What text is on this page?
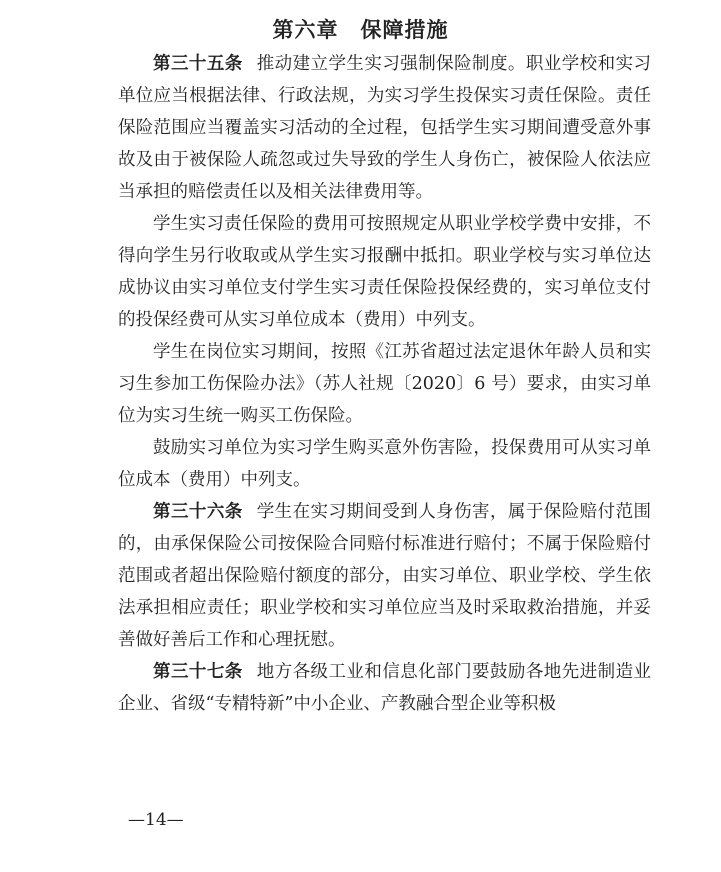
第六章　保障措施

第三十五条 推动建立学生实习强制保险制度。职业学校和实习单位应当根据法律、行政法规，为实习学生投保实习责任保险。责任保险范围应当覆盖实习活动的全过程，包括学生实习期间遭受意外事故及由于被保险人疏忽或过失导致的学生人身伤亡，被保险人依法应当承担的赔偿责任以及相关法律费用等。

学生实习责任保险的费用可按照规定从职业学校学费中安排，不得向学生另行收取或从学生实习报酬中抵扣。职业学校与实习单位达成协议由实习单位支付学生实习责任保险投保经费的，实习单位支付的投保经费可从实习单位成本（费用）中列支。

学生在岗位实习期间，按照《江苏省超过法定退休年龄人员和实习生参加工伤保险办法》（苏人社规〔2020〕6 号）要求，由实习单位为实习生统一购买工伤保险。

鼓励实习单位为实习学生购买意外伤害险，投保费用可从实习单位成本（费用）中列支。

第三十六条 学生在实习期间受到人身伤害，属于保险赔付范围的，由承保保险公司按保险合同赔付标准进行赔付；不属于保险赔付范围或者超出保险赔付额度的部分，由实习单位、职业学校、学生依法承担相应责任；职业学校和实习单位应当及时采取救治措施，并妥善做好善后工作和心理抚慰。

第三十七条 地方各级工业和信息化部门要鼓励各地先进制造业企业、省级“专精特新”中小企业、产教融合型企业等积极

—14—
